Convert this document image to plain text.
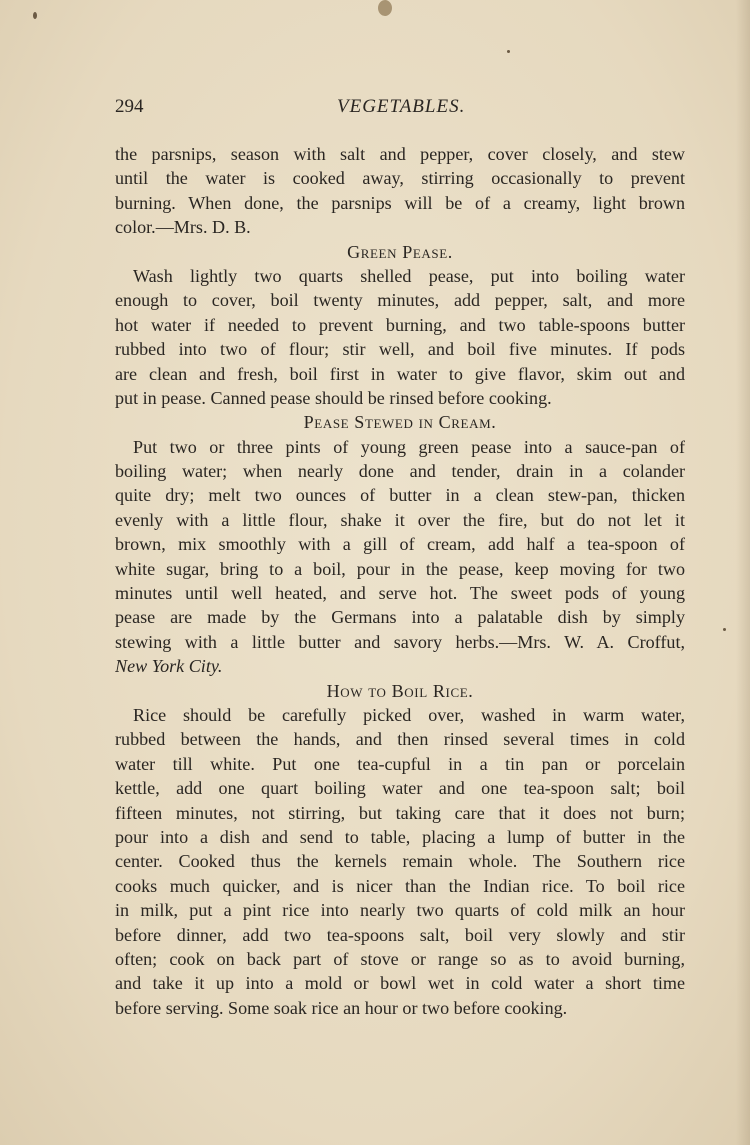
294	VEGETABLES.
the parsnips, season with salt and pepper, cover closely, and stew
until the water is cooked away, stirring occasionally to prevent
burning. When done, the parsnips will be of a creamy, light brown
color.—Mrs. D. B.
Green Pease.
Wash lightly two quarts shelled pease, put into boiling water
enough to cover, boil twenty minutes, add pepper, salt, and more
hot water if needed to prevent burning, and two table-spoons butter
rubbed into two of flour; stir well, and boil five minutes. If pods
are clean and fresh, boil first in water to give flavor, skim out and
put in pease. Canned pease should be rinsed before cooking.
Pease Stewed in Cream.
Put two or three pints of young green pease into a sauce-pan of
boiling water; when nearly done and tender, drain in a colander
quite dry; melt two ounces of butter in a clean stew-pan, thicken
evenly with a little flour, shake it over the fire, but do not let it
brown, mix smoothly with a gill of cream, add half a tea-spoon of
white sugar, bring to a boil, pour in the pease, keep moving for two
minutes until well heated, and serve hot. The sweet pods of young
pease are made by the Germans into a palatable dish by simply
stewing with a little butter and savory herbs.—Mrs. W. A. Croffut,
New York City.
How to Boil Rice.
Rice should be carefully picked over, washed in warm water,
rubbed between the hands, and then rinsed several times in cold
water till white. Put one tea-cupful in a tin pan or porcelain
kettle, add one quart boiling water and one tea-spoon salt; boil
fifteen minutes, not stirring, but taking care that it does not burn;
pour into a dish and send to table, placing a lump of butter in the
center. Cooked thus the kernels remain whole. The Southern rice
cooks much quicker, and is nicer than the Indian rice. To boil rice
in milk, put a pint rice into nearly two quarts of cold milk an hour
before dinner, add two tea-spoons salt, boil very slowly and stir
often; cook on back part of stove or range so as to avoid burning,
and take it up into a mold or bowl wet in cold water a short time
before serving. Some soak rice an hour or two before cooking.
